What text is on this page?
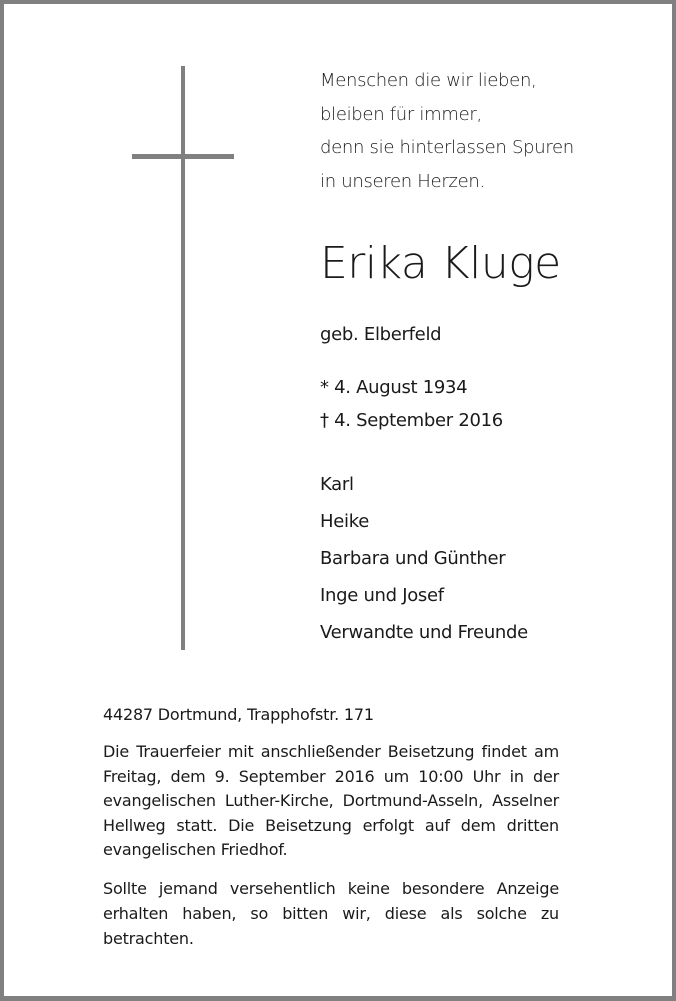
Menschen die wir lieben,
bleiben für immer,
denn sie hinterlassen Spuren
in unseren Herzen.
Erika Kluge
geb. Elberfeld
* 4. August 1934
† 4. September 2016
Karl
Heike
Barbara und Günther
Inge und Josef
Verwandte und Freunde
44287 Dortmund, Trapphofstr. 171
Die Trauerfeier mit anschließender Beisetzung findet am Freitag, dem 9. September 2016 um 10:00 Uhr in der evangelischen Luther-Kirche, Dortmund-Asseln, Asselner Hellweg statt. Die Beisetzung erfolgt auf dem dritten evangelischen Friedhof.
Sollte jemand versehentlich keine besondere Anzeige erhalten haben, so bitten wir, diese als solche zu betrachten.
